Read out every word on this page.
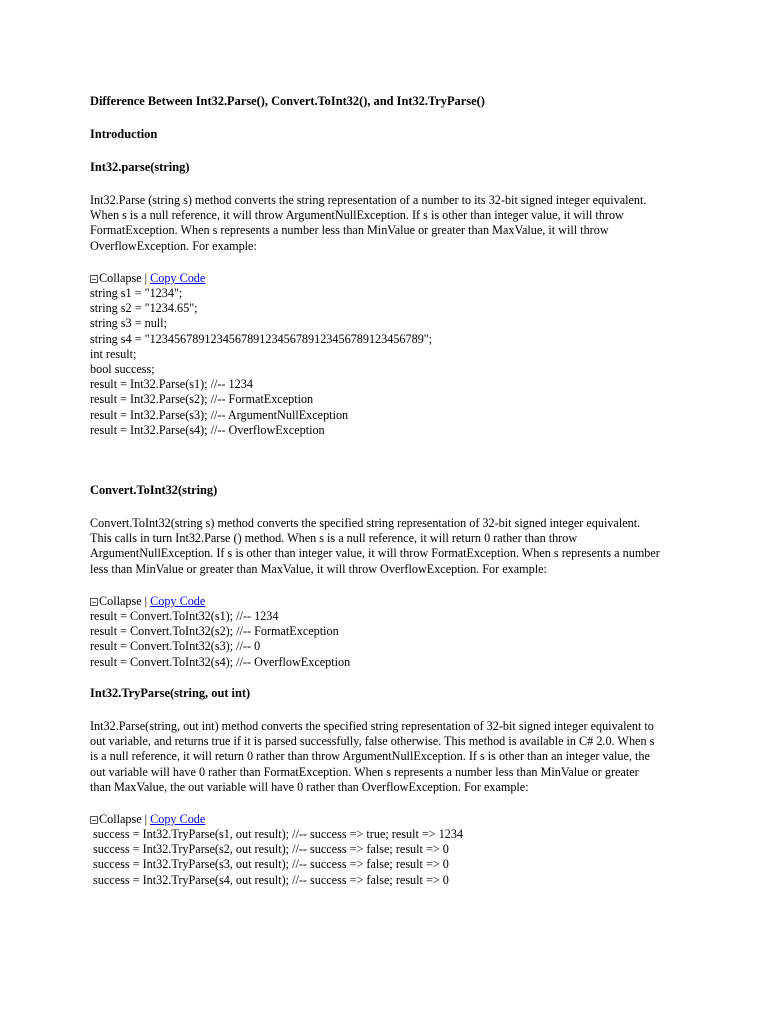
Difference Between Int32.Parse(), Convert.ToInt32(), and Int32.TryParse()
Introduction
Int32.parse(string)

Int32.Parse (string s) method converts the string representation of a number to its 32-bit signed integer equivalent.

When s is a null reference, it will throw ArgumentNullException. If s is other than integer value, it will throw

FormatException. When s represents a number less than MinValue or greater than MaxValue, it will throw

OverflowException. For example:

Collapse | Copy Code
string s1 = "1234";
string s2 = "1234.65";
string s3 = null;
string s4 = "123456789123456789123456789123456789123456789";
int result;
bool success;
result = Int32.Parse(s1); //-- 1234
result = Int32.Parse(s2); //-- FormatException
result = Int32.Parse(s3); //-- ArgumentNullException
result = Int32.Parse(s4); //-- OverflowException
Convert.ToInt32(string)

Convert.ToInt32(string s) method converts the specified string representation of 32-bit signed integer equivalent.

This calls in turn Int32.Parse () method. When s is a null reference, it will return 0 rather than throw

ArgumentNullException. If s is other than integer value, it will throw FormatException. When s represents a number

less than MinValue or greater than MaxValue, it will throw OverflowException. For example:

Collapse | Copy Code
result = Convert.ToInt32(s1); //-- 1234
result = Convert.ToInt32(s2); //-- FormatException
result = Convert.ToInt32(s3); //-- 0
result = Convert.ToInt32(s4); //-- OverflowException
Int32.TryParse(string, out int)

Int32.Parse(string, out int) method converts the specified string representation of 32-bit signed integer equivalent to

out variable, and returns true if it is parsed successfully, false otherwise. This method is available in C# 2.0. When s

is a null reference, it will return 0 rather than throw ArgumentNullException. If s is other than an integer value, the

out variable will have 0 rather than FormatException. When s represents a number less than MinValue or greater

than MaxValue, the out variable will have 0 rather than OverflowException. For example:

Collapse | Copy Code
success = Int32.TryParse(s1, out result); //-- success => true; result => 1234
success = Int32.TryParse(s2, out result); //-- success => false; result => 0
success = Int32.TryParse(s3, out result); //-- success => false; result => 0
success = Int32.TryParse(s4, out result); //-- success => false; result => 0
